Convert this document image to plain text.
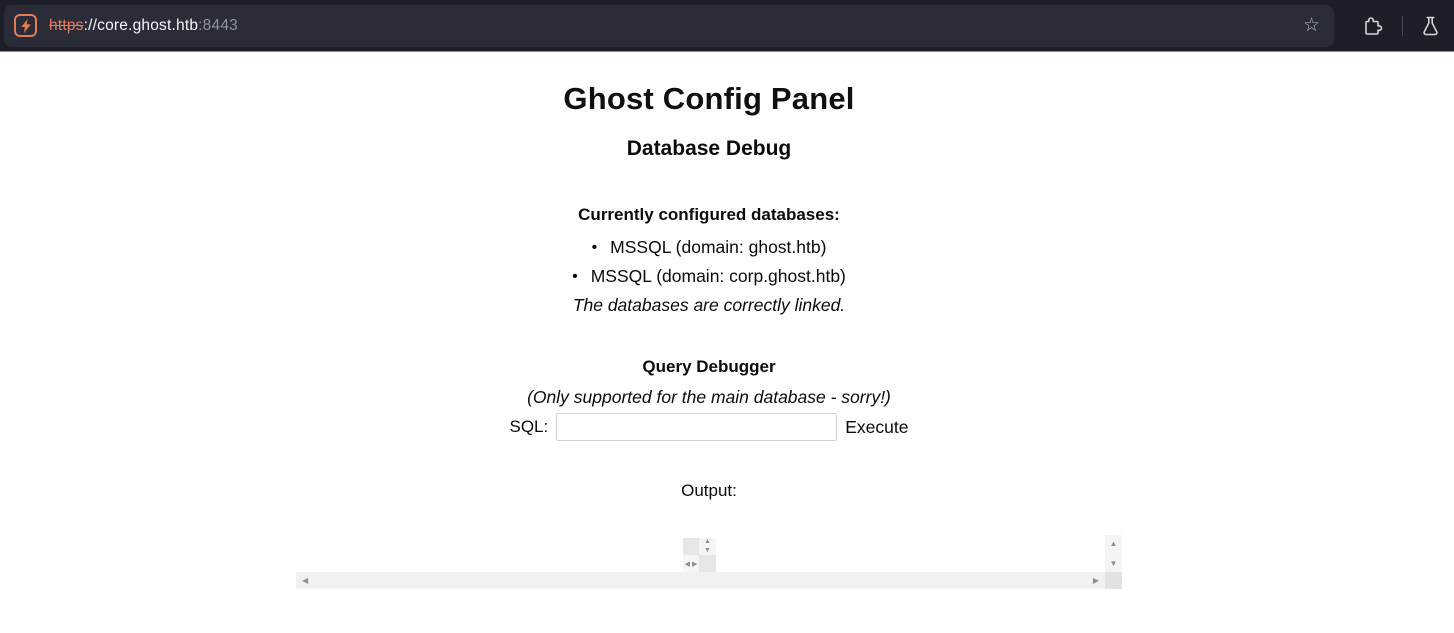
https://core.ghost.htb:8443	☆
Ghost Config Panel
Database Debug

Currently configured databases:

• MSSQL (domain: ghost.htb)
• MSSQL (domain: corp.ghost.htb)

The databases are correctly linked.

Query Debugger

(Only supported for the main database - sorry!)

SQL:	Execute

Output:

▲
▼
◀ ▶
▲
▼
◀	▶
